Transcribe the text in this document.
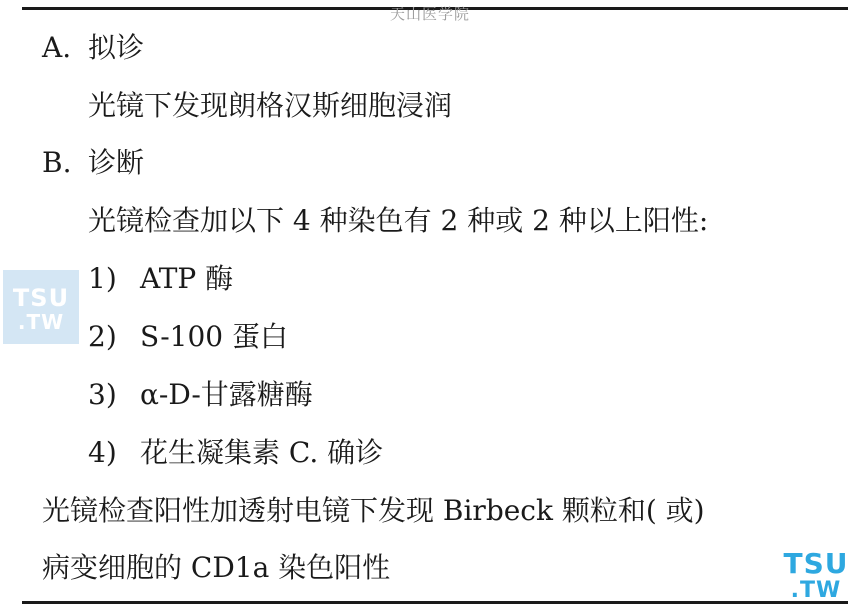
天山医学院
A. 拟诊
光镜下发现朗格汉斯细胞浸润
B. 诊断
光镜检查加以下 4 种染色有 2 种或 2 种以上阳性:
1) ATP 酶
2) S-100 蛋白
3) α-D-甘露糖酶
4) 花生凝集素 C. 确诊
光镜检查阳性加透射电镜下发现 Birbeck 颗粒和( 或)
病变细胞的 CD1a 染色阳性
TSU
.TW
TSU
.TW
